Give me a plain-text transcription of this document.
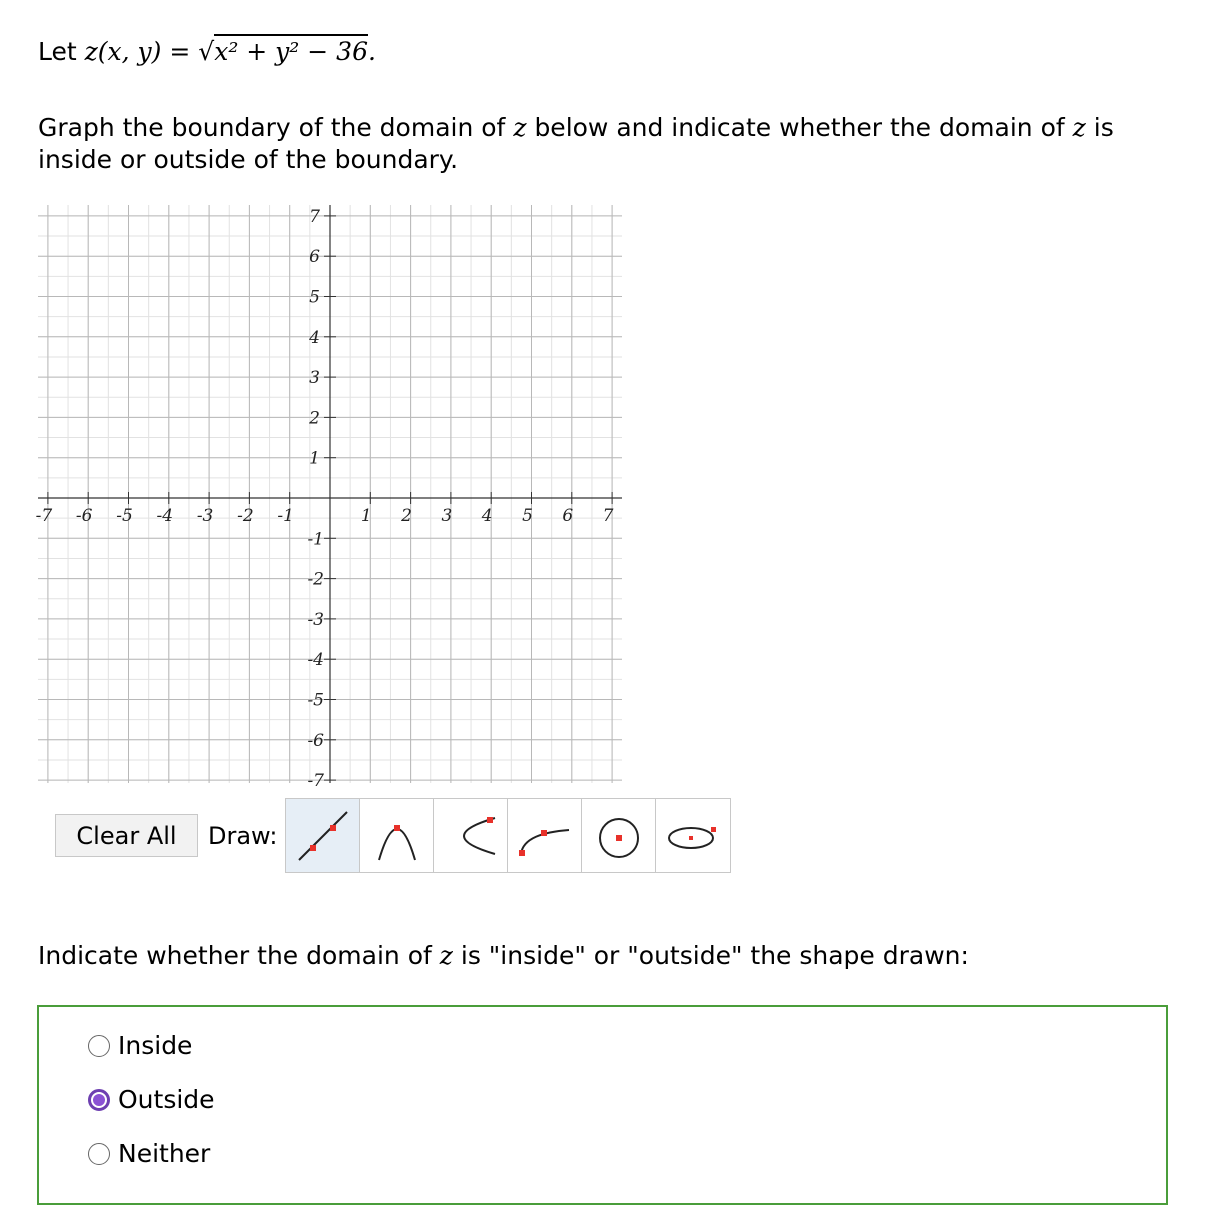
Let z(x, y) = √x² + y² − 36.
Graph the boundary of the domain of z below and indicate whether the domain of z is inside or outside of the boundary.
-7 -6 -5 -4 -3 -2 -1	1 2 3 4 5 6 7
7
6
5
4
3
2
1
-1
-2
-3
-4
-5
-6
-7
Clear All	Draw:
Indicate whether the domain of z is "inside" or "outside" the shape drawn:
Inside
Outside
Neither
